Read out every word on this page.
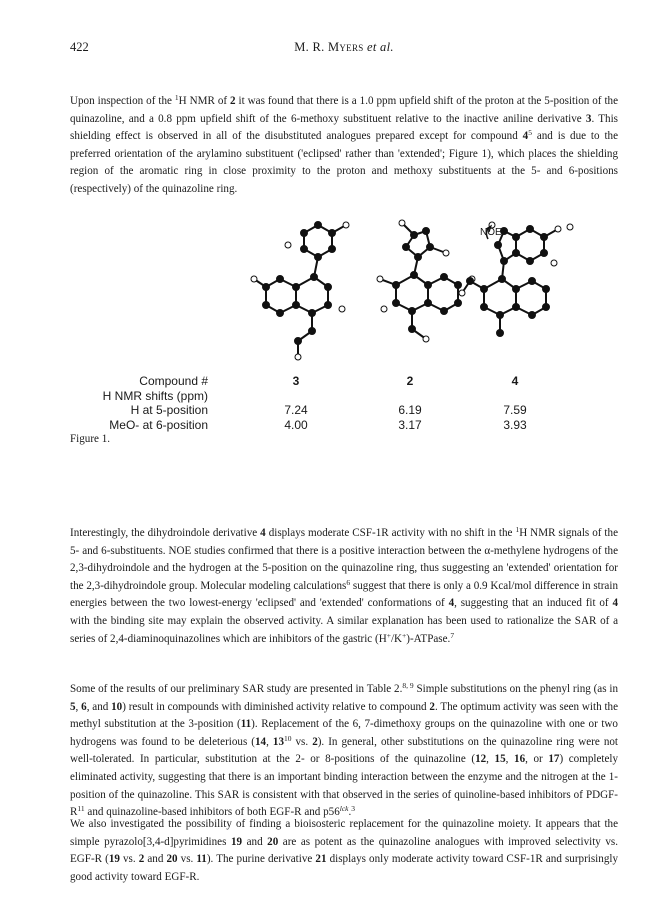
422	M. R. Myers et al.

Upon inspection of the $^1$H NMR of 2 it was found that there is a 1.0 ppm upfield shift of the proton at the 5-position of the quinazoline, and a 0.8 ppm upfield shift of the 6-methoxy substituent relative to the inactive aniline derivative 3. This shielding effect is observed in all of the disubstituted analogues prepared except for compound $4^5$ and is due to the preferred orientation of the arylamino substituent ('eclipsed' rather than 'extended'; Figure 1), which places the shielding region of the aromatic ring in close proximity to the proton and methoxy substituents at the 5- and 6-positions (respectively) of the quinazoline ring.

NOE
Compound #	3	2	4
H NMR shifts (ppm)
H at 5-position	7.24	6.19	7.59
MeO- at 6-position	4.00	3.17	3.93
Figure 1.

Interestingly, the dihydroindole derivative 4 displays moderate CSF-1R activity with no shift in the $^1$H NMR signals of the 5- and 6-substituents. NOE studies confirmed that there is a positive interaction between the α-methylene hydrogens of the 2,3-dihydroindole and the hydrogen at the 5-position on the quinazoline ring, thus suggesting an 'extended' orientation for the 2,3-dihydroindole group. Molecular modeling calculations$^6$ suggest that there is only a 0.9 Kcal/mol difference in strain energies between the two lowest-energy 'eclipsed' and 'extended' conformations of 4, suggesting that an induced fit of 4 with the binding site may explain the observed activity. A similar explanation has been used to rationalize the SAR of a series of 2,4-diaminoquinazolines which are inhibitors of the gastric (H+/K+)-ATPase.$^7$

Some of the results of our preliminary SAR study are presented in Table 2.$^{8, 9}$ Simple substitutions on the phenyl ring (as in 5, 6, and 10) result in compounds with diminished activity relative to compound 2. The optimum activity was seen with the methyl substitution at the 3-position (11). Replacement of the 6, 7-dimethoxy groups on the quinazoline with one or two hydrogens was found to be deleterious (14, $13^{10}$ vs. 2). In general, other substitutions on the quinazoline ring were not well-tolerated. In particular, substitution at the 2- or 8-positions of the quinazoline (12, 15, 16, or 17) completely eliminated activity, suggesting that there is an important binding interaction between the enzyme and the nitrogen at the 1-position of the quinazoline. This SAR is consistent with that observed in the series of quinoline-based inhibitors of PDGF-$R^{11}$ and quinazoline-based inhibitors of both EGF-R and $p56^{lck}.^3$

We also investigated the possibility of finding a bioisosteric replacement for the quinazoline moiety. It appears that the simple pyrazolo[3,4-d]pyrimidines 19 and 20 are as potent as the quinazoline analogues with improved selectivity vs. EGF-R (19 vs. 2 and 20 vs. 11). The purine derivative 21 displays only moderate activity toward CSF-1R and surprisingly good activity toward EGF-R.
